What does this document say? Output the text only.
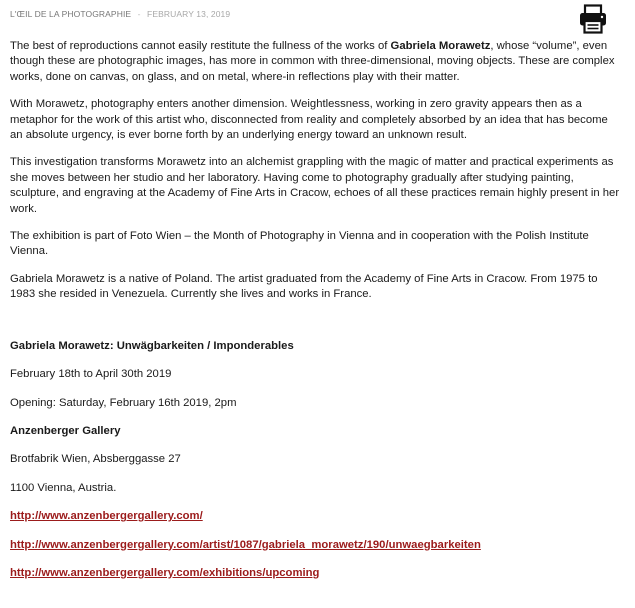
L'ŒIL DE LA PHOTOGRAPHIE - FEBRUARY 13, 2019

The best of reproductions cannot easily restitute the fullness of the works of Gabriela Morawetz, whose “volume”, even though these are photographic images, has more in common with three-dimensional, moving objects. These are complex works, done on canvas, on glass, and on metal, where-in reflections play with their matter.

With Morawetz, photography enters another dimension. Weightlessness, working in zero gravity appears then as a metaphor for the work of this artist who, disconnected from reality and completely absorbed by an idea that has become an absolute urgency, is ever borne forth by an underlying energy toward an unknown result.

This investigation transforms Morawetz into an alchemist grappling with the magic of matter and practical experiments as she moves between her studio and her laboratory. Having come to photography gradually after studying painting, sculpture, and engraving at the Academy of Fine Arts in Cracow, echoes of all these practices remain highly present in her work.

The exhibition is part of Foto Wien – the Month of Photography in Vienna and in cooperation with the Polish Institute Vienna.

Gabriela Morawetz is a native of Poland. The artist graduated from the Academy of Fine Arts in Cracow. From 1975 to 1983 she resided in Venezuela. Currently she lives and works in France.

Gabriela Morawetz: Unwägbarkeiten / Imponderables

February 18th to April 30th 2019

Opening: Saturday, February 16th 2019, 2pm

Anzenberger Gallery

Brotfabrik Wien, Absberggasse 27

1100 Vienna, Austria.

http://www.anzenbergergallery.com/

http://www.anzenbergergallery.com/artist/1087/gabriela_morawetz/190/unwaegbarkeiten

http://www.anzenbergergallery.com/exhibitions/upcoming
